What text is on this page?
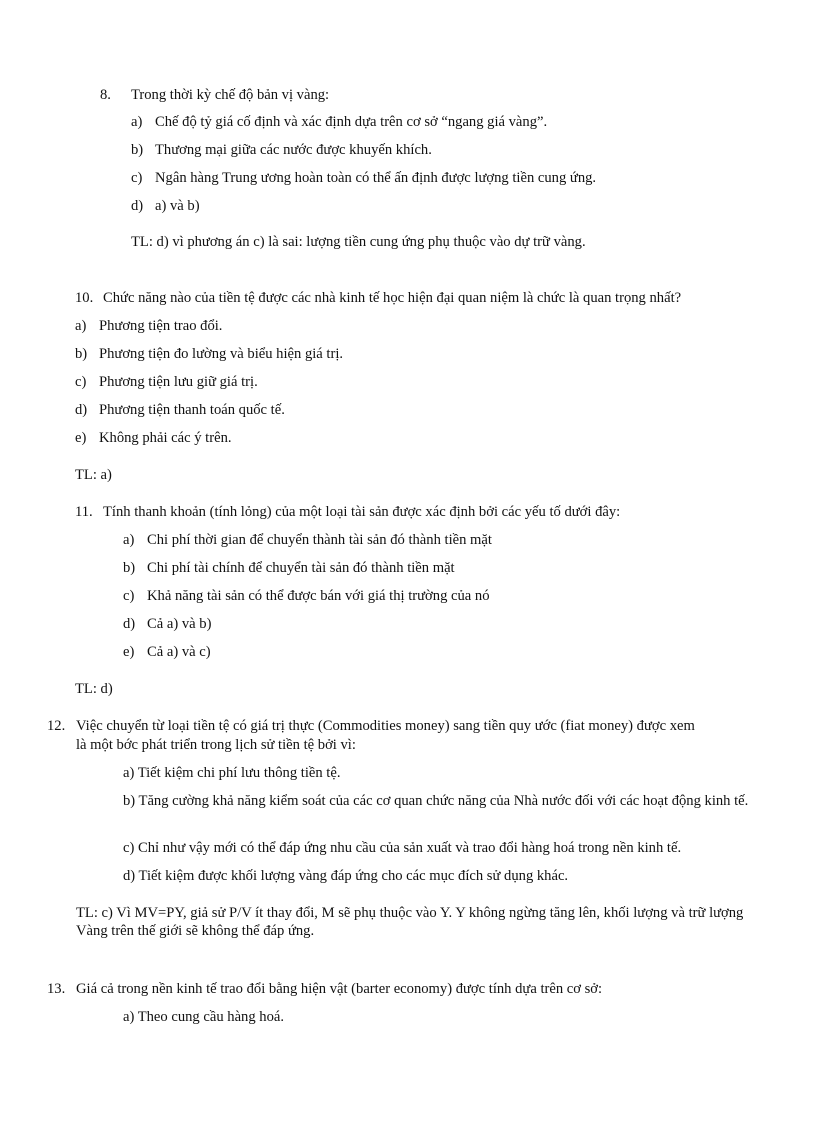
8. Trong thời kỳ chế độ bản vị vàng:
a) Chế độ tỷ giá cố định và xác định dựa trên cơ sở “ngang giá vàng”.
b) Thương mại giữa các nước được khuyến khích.
c) Ngân hàng Trung ương hoàn toàn có thể ấn định được lượng tiền cung ứng.
d) a) và b)
TL: d) vì phương án c) là sai: lượng tiền cung ứng phụ thuộc vào dự trữ vàng.
10. Chức năng nào của tiền tệ được các nhà kinh tế học hiện đại quan niệm là chức là quan trọng nhất?
a) Phương tiện trao đổi.
b) Phương tiện đo lường và biểu hiện giá trị.
c) Phương tiện lưu giữ giá trị.
d) Phương tiện thanh toán quốc tế.
e) Không phải các ý trên.
TL: a)
11. Tính thanh khoản (tính lỏng) của một loại tài sản được xác định bởi các yếu tố dưới đây:
a) Chi phí thời gian để chuyển thành tài sản đó thành tiền mặt
b) Chi phí tài chính để chuyển tài sản đó thành tiền mặt
c) Khả năng tài sản có thể được bán với giá thị trường của nó
d) Cả a) và b)
e) Cả a) và c)
TL: d)
12. Việc chuyển từ loại tiền tệ có giá trị thực (Commodities money) sang tiền quy ước (fiat money) được xem
là một bớc phát triển trong lịch sử tiền tệ bởi vì:
a) Tiết kiệm chi phí lưu thông tiền tệ.
b) Tăng cường khả năng kiểm soát của các cơ quan chức năng của Nhà nước đối với các hoạt động kinh tế.
c) Chỉ như vậy mới có thể đáp ứng nhu cầu của sản xuất và trao đổi hàng hoá trong nền kinh tế.
d) Tiết kiệm được khối lượng vàng đáp ứng cho các mục đích sử dụng khác.
TL: c) Vì MV=PY, giả sử P/V ít thay đổi, M sẽ phụ thuộc vào Y. Y không ngừng tăng lên, khối lượng và trữ lượng Vàng trên thế giới sẽ không thể đáp ứng.
13. Giá cả trong nền kinh tế trao đổi bằng hiện vật (barter economy) được tính dựa trên cơ sở:
a) Theo cung cầu hàng hoá.
